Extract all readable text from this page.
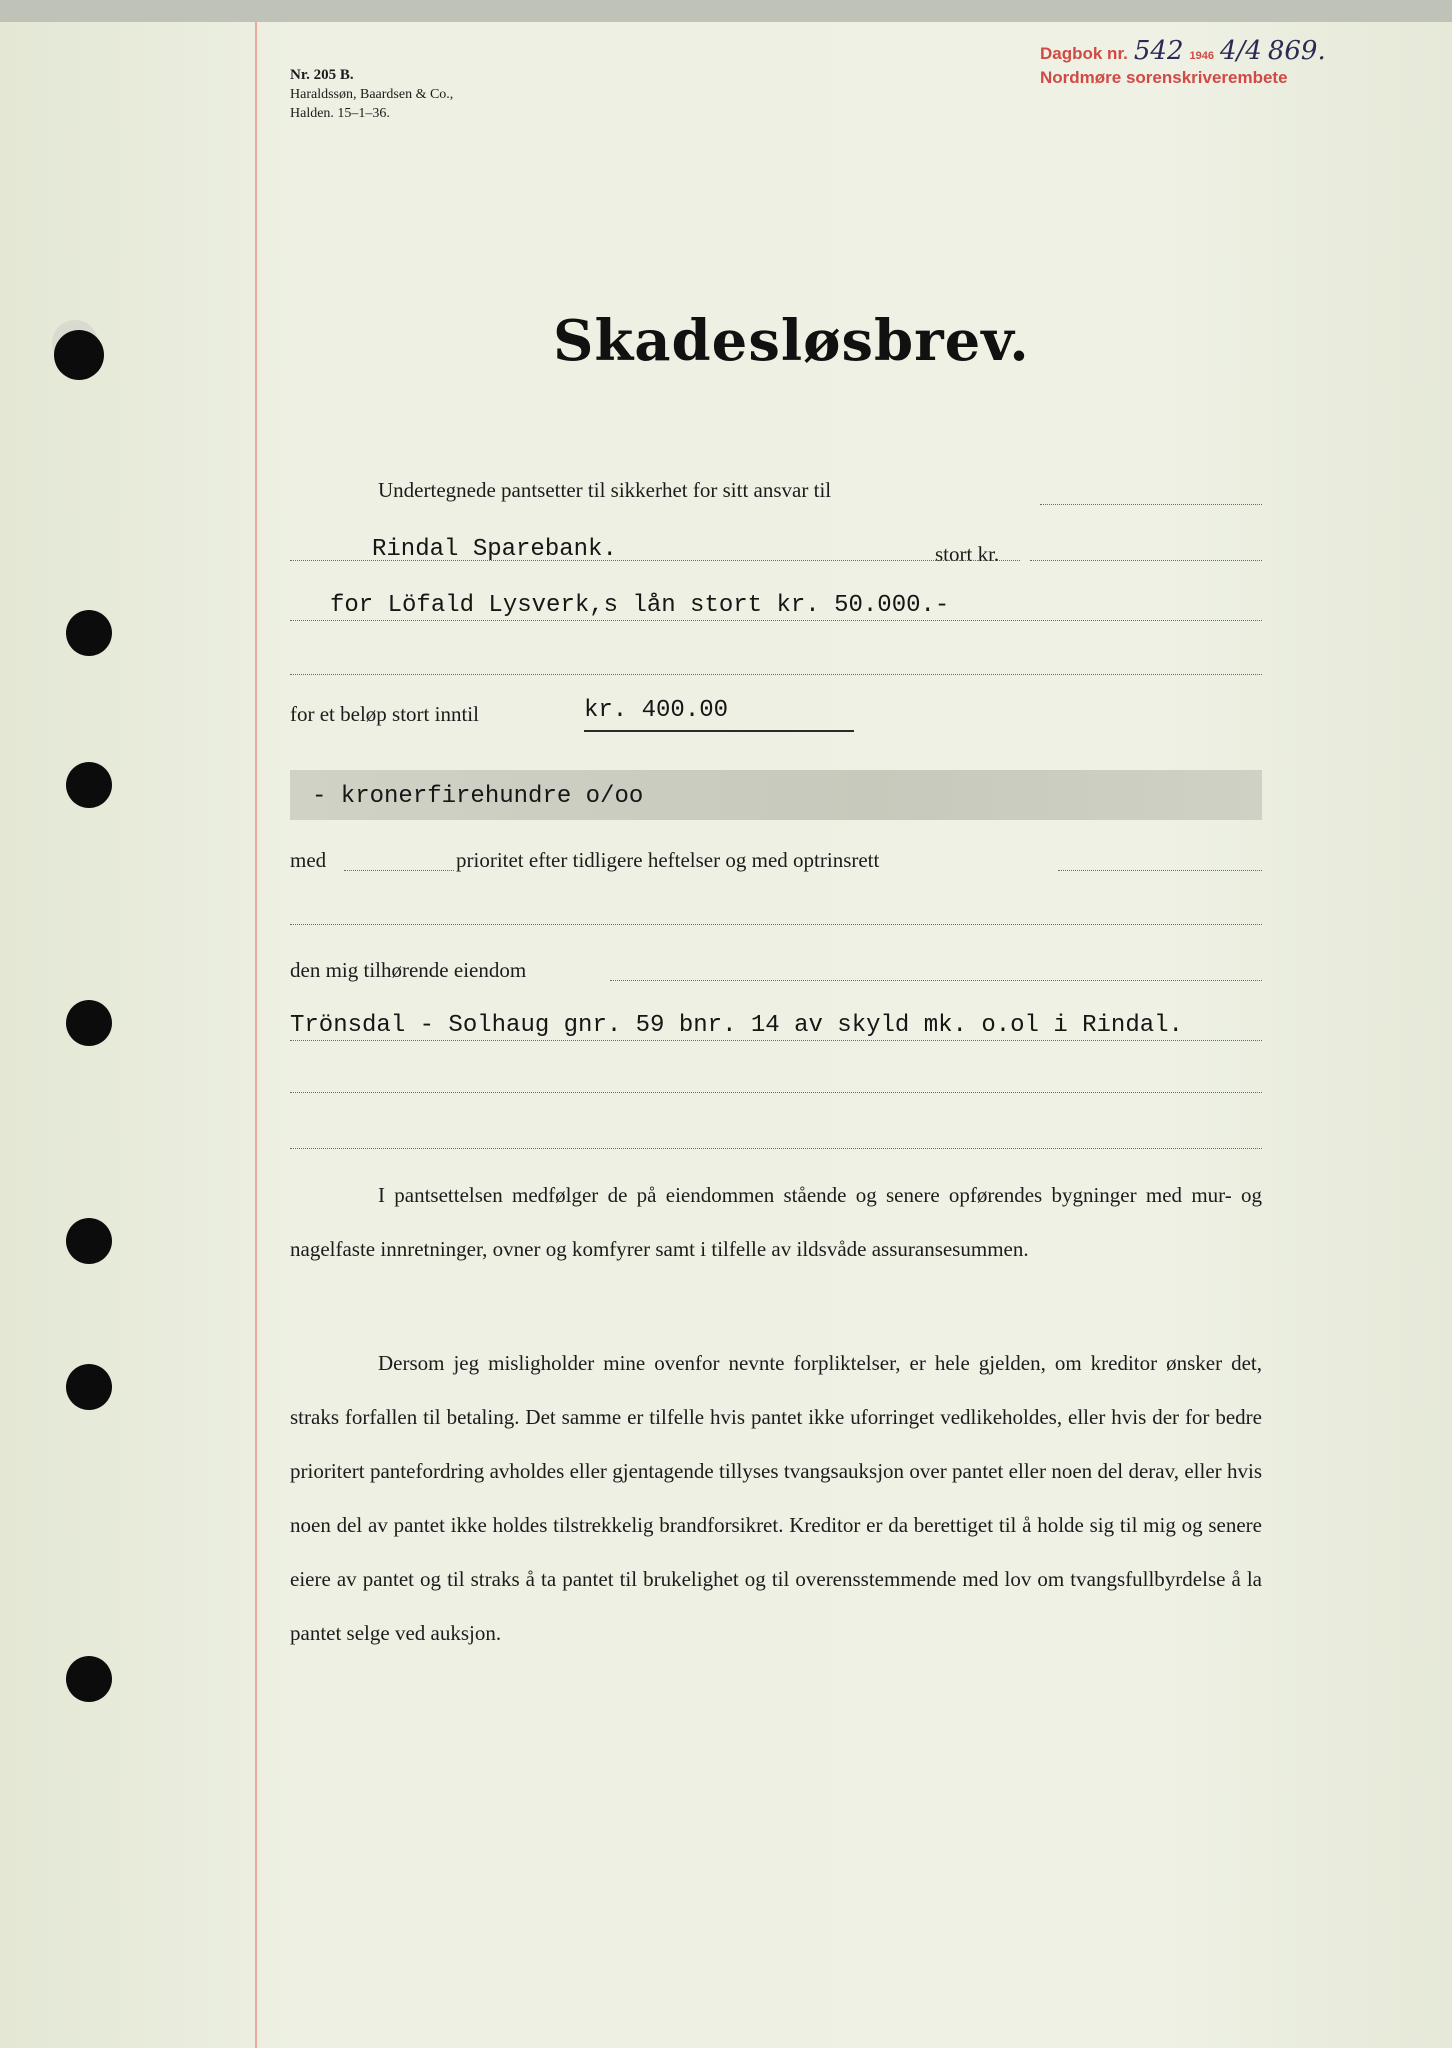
Nr. 205 B.
Haraldssøn, Baardsen & Co.,
Halden. 15–1–36.
Dagbok nr. 542 1946 4/4 869.
Nordmøre sorenskriverembete
Skadesløsbrev.
Undertegnede pantsetter til sikkerhet for sitt ansvar til
Rindal Sparebank.	stort kr.
for Löfald Lysverk,s lån stort kr. 50.000.-
for et beløp stort inntil	kr. 400.00
- kronerfirehundre o/oo
med	prioritet efter tidligere heftelser og med optrinsrett
den mig tilhørende eiendom
Trönsdal - Solhaug gnr. 59 bnr. 14 av skyld mk. o.ol i Rindal.

I pantsettelsen medfølger de på eiendommen stående og senere opførendes bygninger med mur- og nagelfaste innretninger, ovner og komfyrer samt i tilfelle av ildsvåde assuransesummen.

Dersom jeg misligholder mine ovenfor nevnte forpliktelser, er hele gjelden, om kreditor ønsker det, straks forfallen til betaling. Det samme er tilfelle hvis pantet ikke uforringet vedlikeholdes, eller hvis der for bedre prioritert pantefordring avholdes eller gjentagende tillyses tvangsauksjon over pantet eller noen del derav, eller hvis noen del av pantet ikke holdes tilstrekkelig brandforsikret. Kreditor er da berettiget til å holde sig til mig og senere eiere av pantet og til straks å ta pantet til brukelighet og til overensstemmende med lov om tvangsfullbyrdelse å la pantet selge ved auksjon.
